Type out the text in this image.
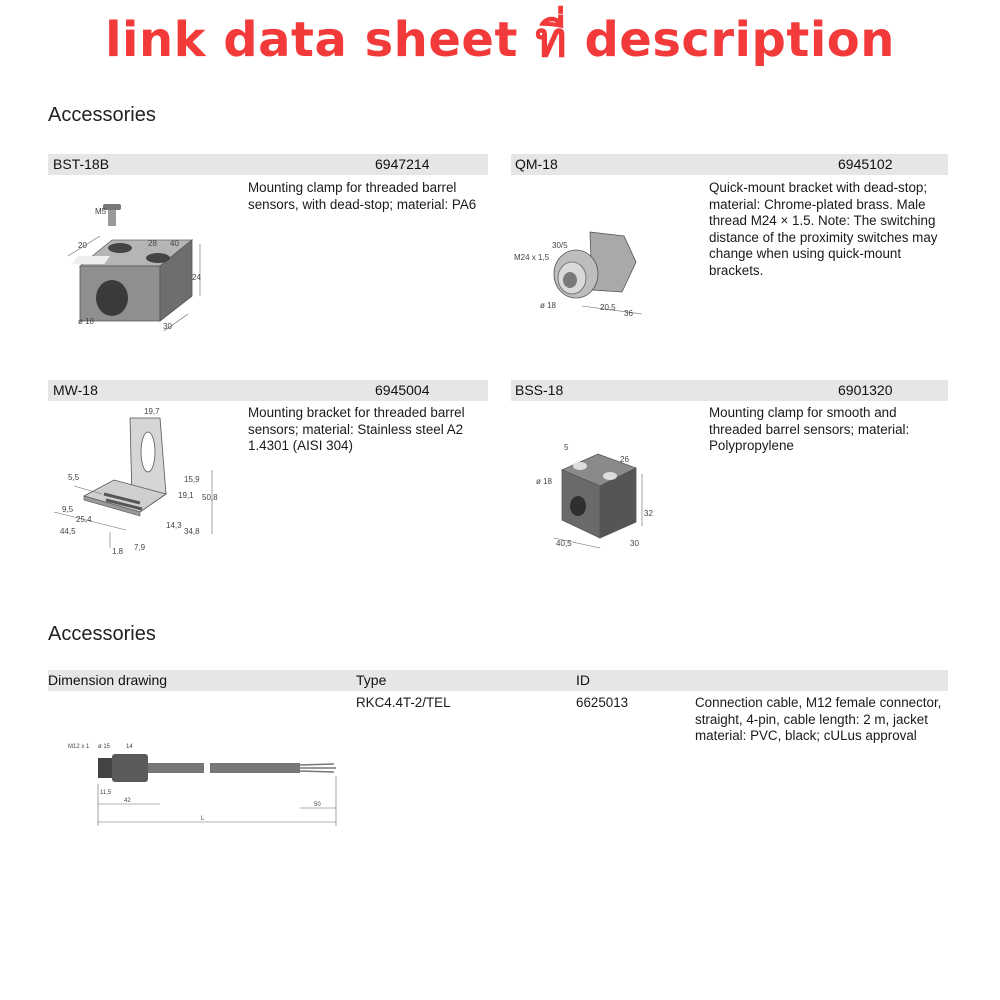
link data sheet ที่ description
Accessories
BST-18B	6947214	QM-18	6945102
Mounting clamp for threaded barrel sensors, with dead-stop; material: PA6
Quick-mount bracket with dead-stop; material: Chrome-plated brass. Male thread M24 × 1.5. Note: The switching distance of the proximity switches may change when using quick-mount brackets.
M5
20	28 40
24
ø 18
30
30/5
M24 x 1,5
ø 18	20,5
36
MW-18	6945004	BSS-18	6901320
Mounting bracket for threaded barrel sensors; material: Stainless steel A2 1.4301 (AISI 304)
Mounting clamp for smooth and threaded barrel sensors; material: Polypropylene
19,7
5,5	15,9
19,1 50,8
9,5
25,4
44,5
14,3
34,8
1,8 7,9
5
26
ø 18
32
40,5	30
Accessories
Dimension drawing	Type	ID
RKC4.4T-2/TEL	6625013	Connection cable, M12 female connector, straight, 4-pin, cable length: 2 m, jacket material: PVC, black; cULus approval
M12 x 1 ø 15	14
11,5
42
50
L
